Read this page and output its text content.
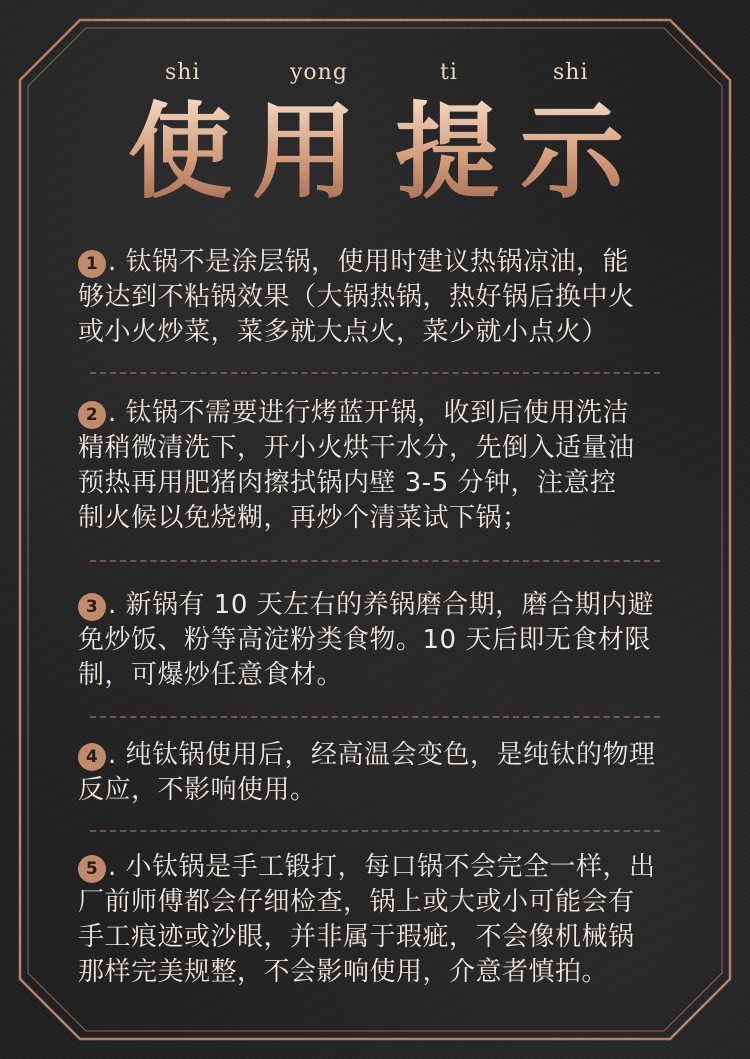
shi	yong	ti	shi
使 用 提 示
1 . 钛锅不是涂层锅，使用时建议热锅凉油，能
够达到不粘锅效果（大锅热锅，热好锅后换中火
或小火炒菜，菜多就大点火，菜少就小点火）
2 . 钛锅不需要进行烤蓝开锅，收到后使用洗洁
精稍微清洗下，开小火烘干水分，先倒入适量油
预热再用肥猪肉擦拭锅内壁 3-5 分钟，注意控
制火候以免烧糊，再炒个清菜试下锅；
3 . 新锅有 10 天左右的养锅磨合期，磨合期内避
免炒饭、粉等高淀粉类食物。10 天后即无食材限
制，可爆炒任意食材。
4 . 纯钛锅使用后，经高温会变色，是纯钛的物理
反应，不影响使用。
5 . 小钛锅是手工锻打，每口锅不会完全一样，出
厂前师傅都会仔细检查，锅上或大或小可能会有
手工痕迹或沙眼，并非属于瑕疵，不会像机械锅
那样完美规整，不会影响使用，介意者慎拍。
